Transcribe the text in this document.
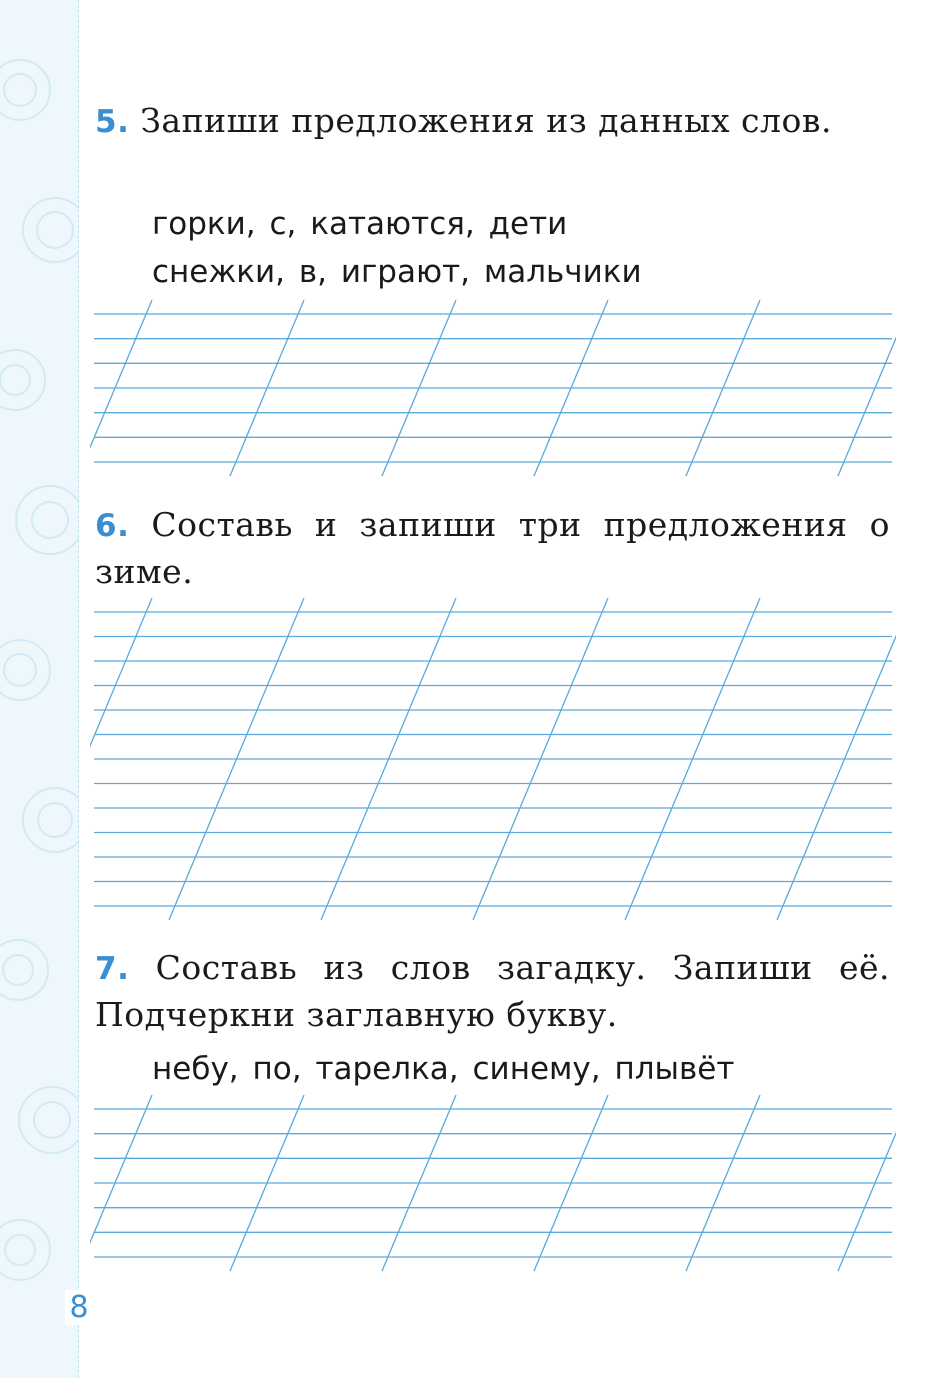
5. Запиши предложения из данных слов.
горки, с, катаются, дети
снежки, в, играют, мальчики
6. Составь и запиши три предложения о зиме.
7. Составь из слов загадку. Запиши её. Подчеркни заглавную букву.
небу, по, тарелка, синему, плывёт
8
